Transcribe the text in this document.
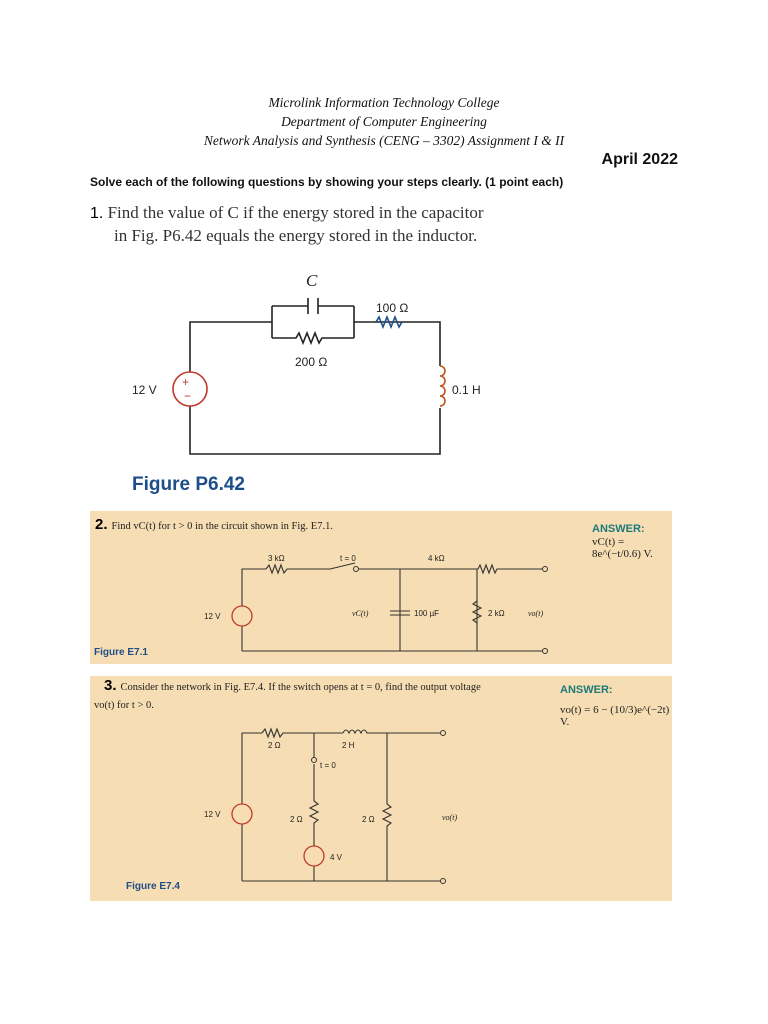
Microlink Information Technology College
Department of Computer Engineering
Network Analysis and Synthesis (CENG – 3302) Assignment I & II
April 2022
Solve each of the following questions by showing your steps clearly. (1 point each)
1. Find the value of C if the energy stored in the capacitor
in Fig. P6.42 equals the energy stored in the inductor.
+
−
C
100 Ω
200 Ω
12 V	0.1 H
Figure P6.42
2. Find vC(t) for t > 0 in the circuit shown in Fig. E7.1.	ANSWER:
vC(t) = 8e^(−t/0.6) V.
3 kΩ	t = 0	4 kΩ
12 V	vC(t)	100 µF	2 kΩ	vo(t)
Figure E7.1
3. Consider the network in Fig. E7.4. If the switch opens at t = 0, find the output voltage
vo(t) for t > 0.
ANSWER:
vo(t) = 6 − (10/3)e^(−2t) V.
2 Ω	2 H
t = 0
12 V
2 Ω	2 Ω
4 V
vo(t)
Figure E7.4
